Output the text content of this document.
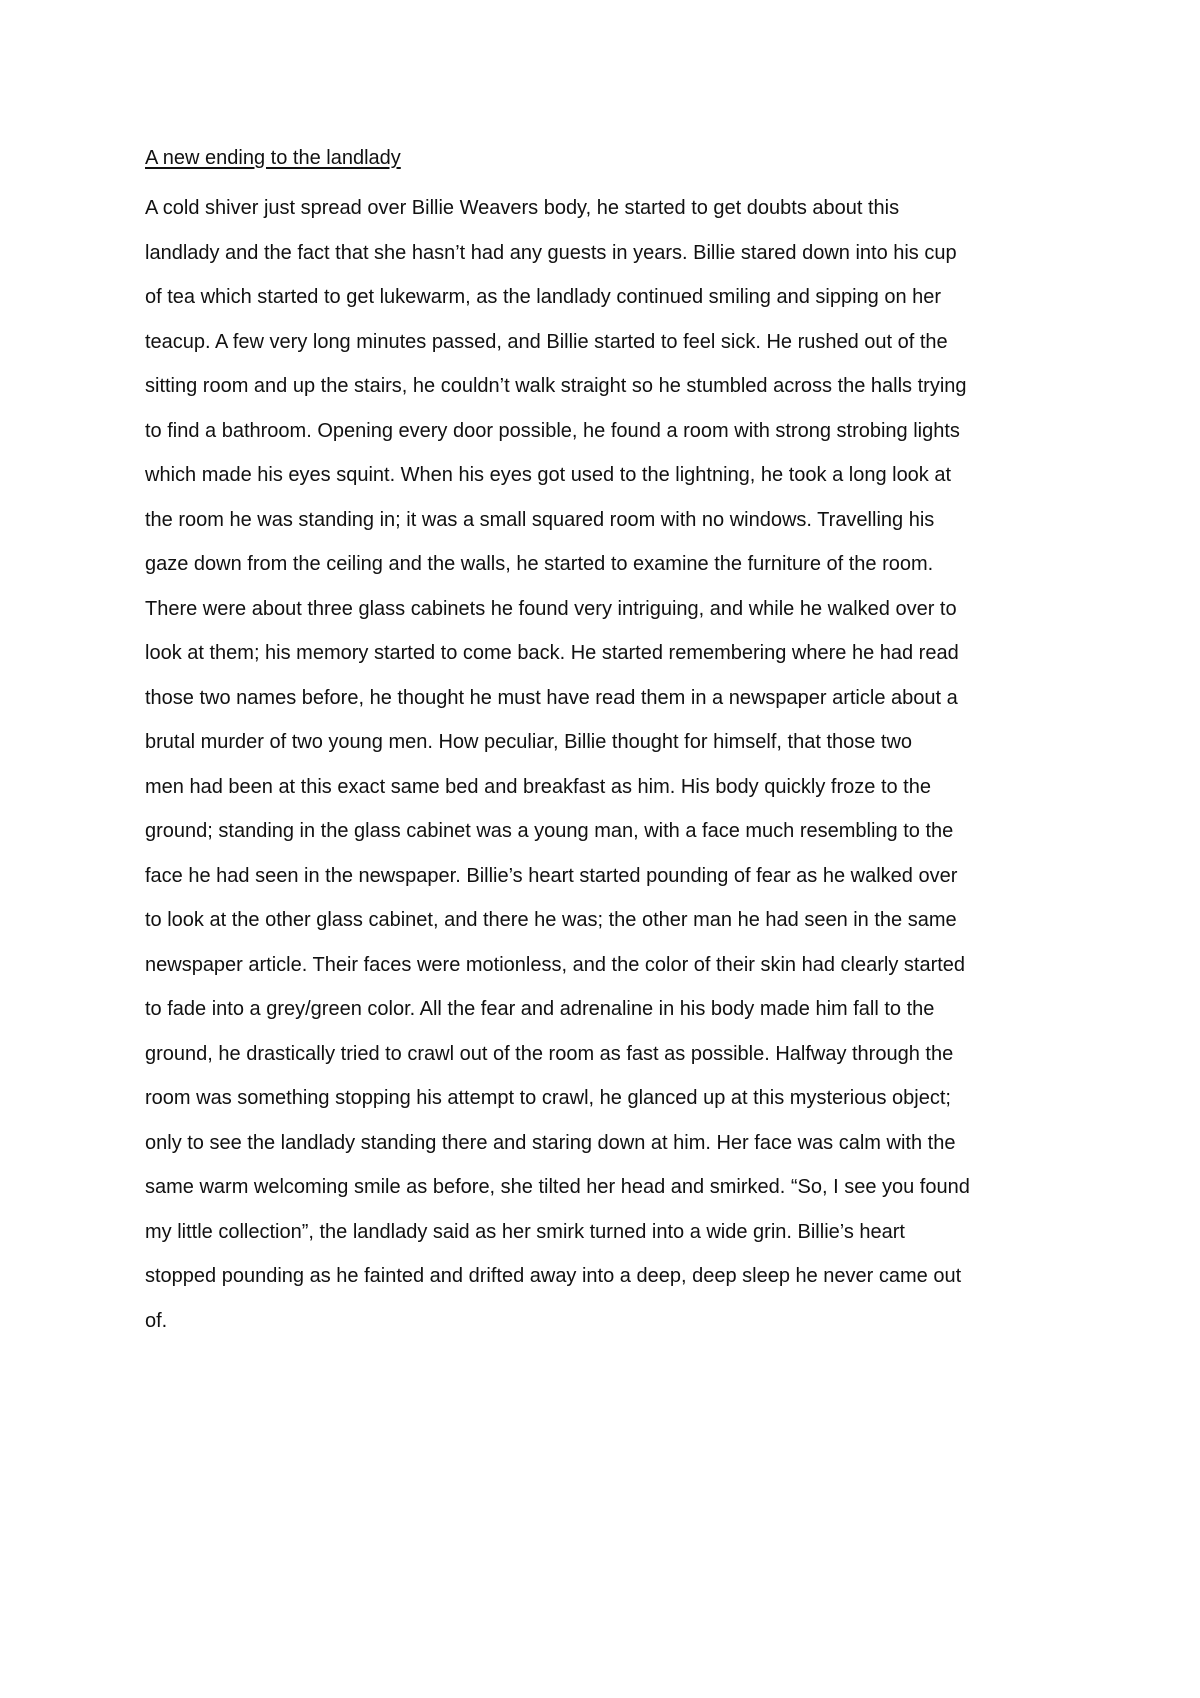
A new ending to the landlady
A cold shiver just spread over Billie Weavers body, he started to get doubts about this
landlady and the fact that she hasn’t had any guests in years. Billie stared down into his cup
of tea which started to get lukewarm, as the landlady continued smiling and sipping on her
teacup. A few very long minutes passed, and Billie started to feel sick. He rushed out of the
sitting room and up the stairs, he couldn’t walk straight so he stumbled across the halls trying
to find a bathroom. Opening every door possible, he found a room with strong strobing lights
which made his eyes squint. When his eyes got used to the lightning, he took a long look at
the room he was standing in; it was a small squared room with no windows. Travelling his
gaze down from the ceiling and the walls, he started to examine the furniture of the room.
There were about three glass cabinets he found very intriguing, and while he walked over to
look at them; his memory started to come back. He started remembering where he had read
those two names before, he thought he must have read them in a newspaper article about a
brutal murder of two young men. How peculiar, Billie thought for himself, that those two
men had been at this exact same bed and breakfast as him. His body quickly froze to the
ground; standing in the glass cabinet was a young man, with a face much resembling to the
face he had seen in the newspaper. Billie’s heart started pounding of fear as he walked over
to look at the other glass cabinet, and there he was; the other man he had seen in the same
newspaper article. Their faces were motionless, and the color of their skin had clearly started
to fade into a grey/green color. All the fear and adrenaline in his body made him fall to the
ground, he drastically tried to crawl out of the room as fast as possible. Halfway through the
room was something stopping his attempt to crawl, he glanced up at this mysterious object;
only to see the landlady standing there and staring down at him. Her face was calm with the
same warm welcoming smile as before, she tilted her head and smirked. “So, I see you found
my little collection”, the landlady said as her smirk turned into a wide grin. Billie’s heart
stopped pounding as he fainted and drifted away into a deep, deep sleep he never came out
of.
